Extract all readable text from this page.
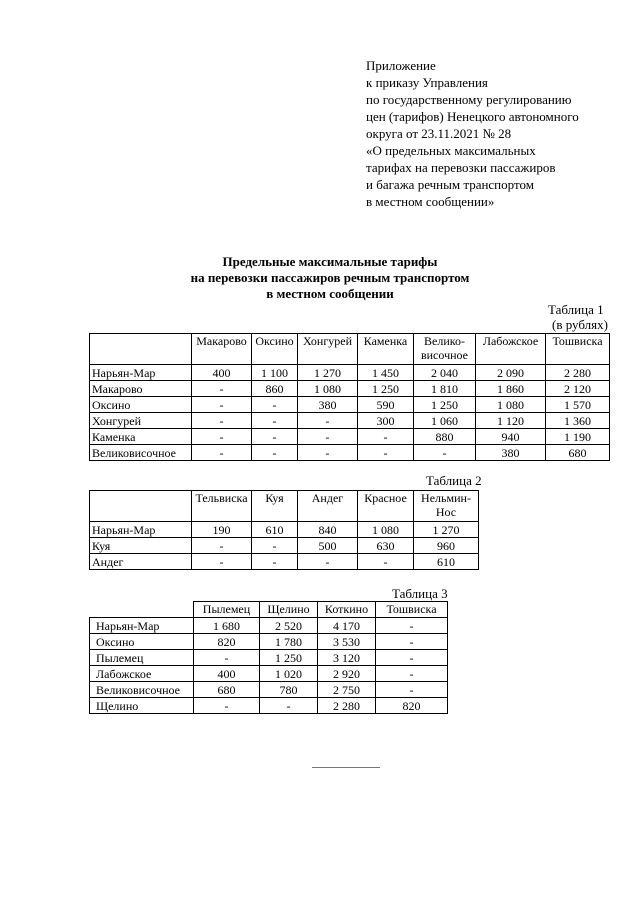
Приложение
к приказу Управления
по государственному регулированию
цен (тарифов) Ненецкого автономного
округа от 23.11.2021 № 28
«О предельных максимальных
тарифах на перевозки пассажиров
и багажа речным транспортом
в местном сообщении»
Предельные максимальные тарифы
на перевозки пассажиров речным транспортом
в местном сообщении
Таблица 1
(в рублях)
	Макарово	Оксино	Хонгурей	Каменка	Велико-
височное	Лабожское	Тошвиска
Нарьян-Мар	400	1 100	1 270	1 450	2 040	2 090	2 280
Макарово	-	860	1 080	1 250	1 810	1 860	2 120
Оксино	-	-	380	590	1 250	1 080	1 570
Хонгурей	-	-	-	300	1 060	1 120	1 360
Каменка	-	-	-	-	880	940	1 190
Великовисочное	-	-	-	-	-	380	680
Таблица 2
	Тельвиска	Куя	Андег	Красное	Нельмин-
Нос

Нарьян-Мар	190	610	840	1 080	1 270
Куя	-	-	500	630	960
Андег	-	-	-	-	610
Таблица 3
	Пылемец	Щелино	Коткино	Тошвиска
Нарьян-Мар	1 680	2 520	4 170	-
Оксино	820	1 780	3 530	-
Пылемец	-	1 250	3 120	-
Лабожское	400	1 020	2 920	-
Великовисочное	680	780	2 750	-
Щелино	-	-	2 280	820
